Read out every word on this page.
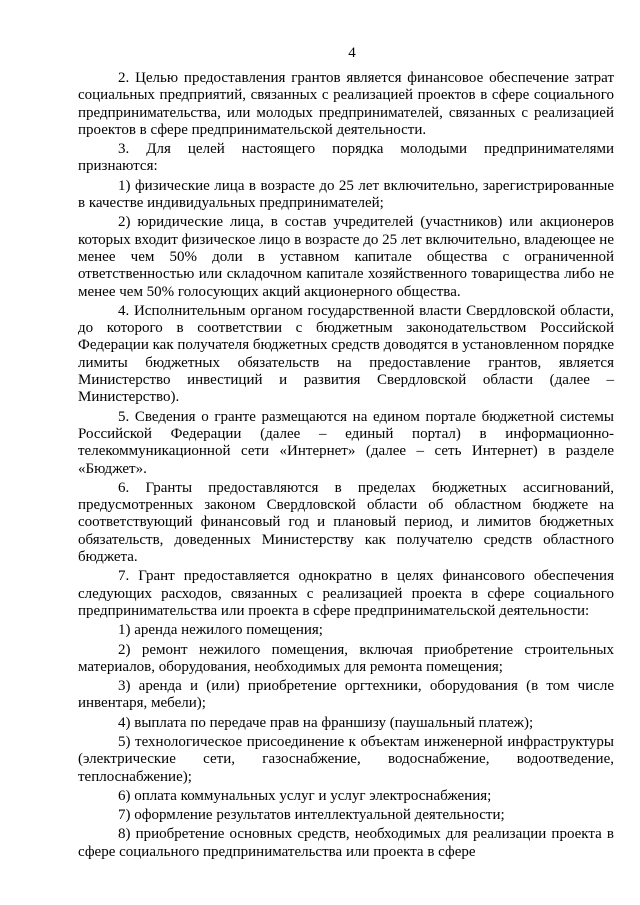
4

2. Целью предоставления грантов является финансовое обеспечение затрат социальных предприятий, связанных с реализацией проектов в сфере социального предпринимательства, или молодых предпринимателей, связанных с реализацией проектов в сфере предпринимательской деятельности.

3. Для целей настоящего порядка молодыми предпринимателями признаются:

1) физические лица в возрасте до 25 лет включительно, зарегистрированные в качестве индивидуальных предпринимателей;

2) юридические лица, в состав учредителей (участников) или акционеров которых входит физическое лицо в возрасте до 25 лет включительно, владеющее не менее чем 50% доли в уставном капитале общества с ограниченной ответственностью или складочном капитале хозяйственного товарищества либо не менее чем 50% голосующих акций акционерного общества.

4. Исполнительным органом государственной власти Свердловской области, до которого в соответствии с бюджетным законодательством Российской Федерации как получателя бюджетных средств доводятся в установленном порядке лимиты бюджетных обязательств на предоставление грантов, является Министерство инвестиций и развития Свердловской области (далее – Министерство).

5. Сведения о гранте размещаются на едином портале бюджетной системы Российской Федерации (далее – единый портал) в информационно-телекоммуникационной сети «Интернет» (далее – сеть Интернет) в разделе «Бюджет».

6. Гранты предоставляются в пределах бюджетных ассигнований, предусмотренных законом Свердловской области об областном бюджете на соответствующий финансовый год и плановый период, и лимитов бюджетных обязательств, доведенных Министерству как получателю средств областного бюджета.

7. Грант предоставляется однократно в целях финансового обеспечения следующих расходов, связанных с реализацией проекта в сфере социального предпринимательства или проекта в сфере предпринимательской деятельности:

1) аренда нежилого помещения;

2) ремонт нежилого помещения, включая приобретение строительных материалов, оборудования, необходимых для ремонта помещения;

3) аренда и (или) приобретение оргтехники, оборудования (в том числе инвентаря, мебели);

4) выплата по передаче прав на франшизу (паушальный платеж);

5) технологическое присоединение к объектам инженерной инфраструктуры (электрические сети, газоснабжение, водоснабжение, водоотведение, теплоснабжение);

6) оплата коммунальных услуг и услуг электроснабжения;

7) оформление результатов интеллектуальной деятельности;

8) приобретение основных средств, необходимых для реализации проекта в сфере социального предпринимательства или проекта в сфере
